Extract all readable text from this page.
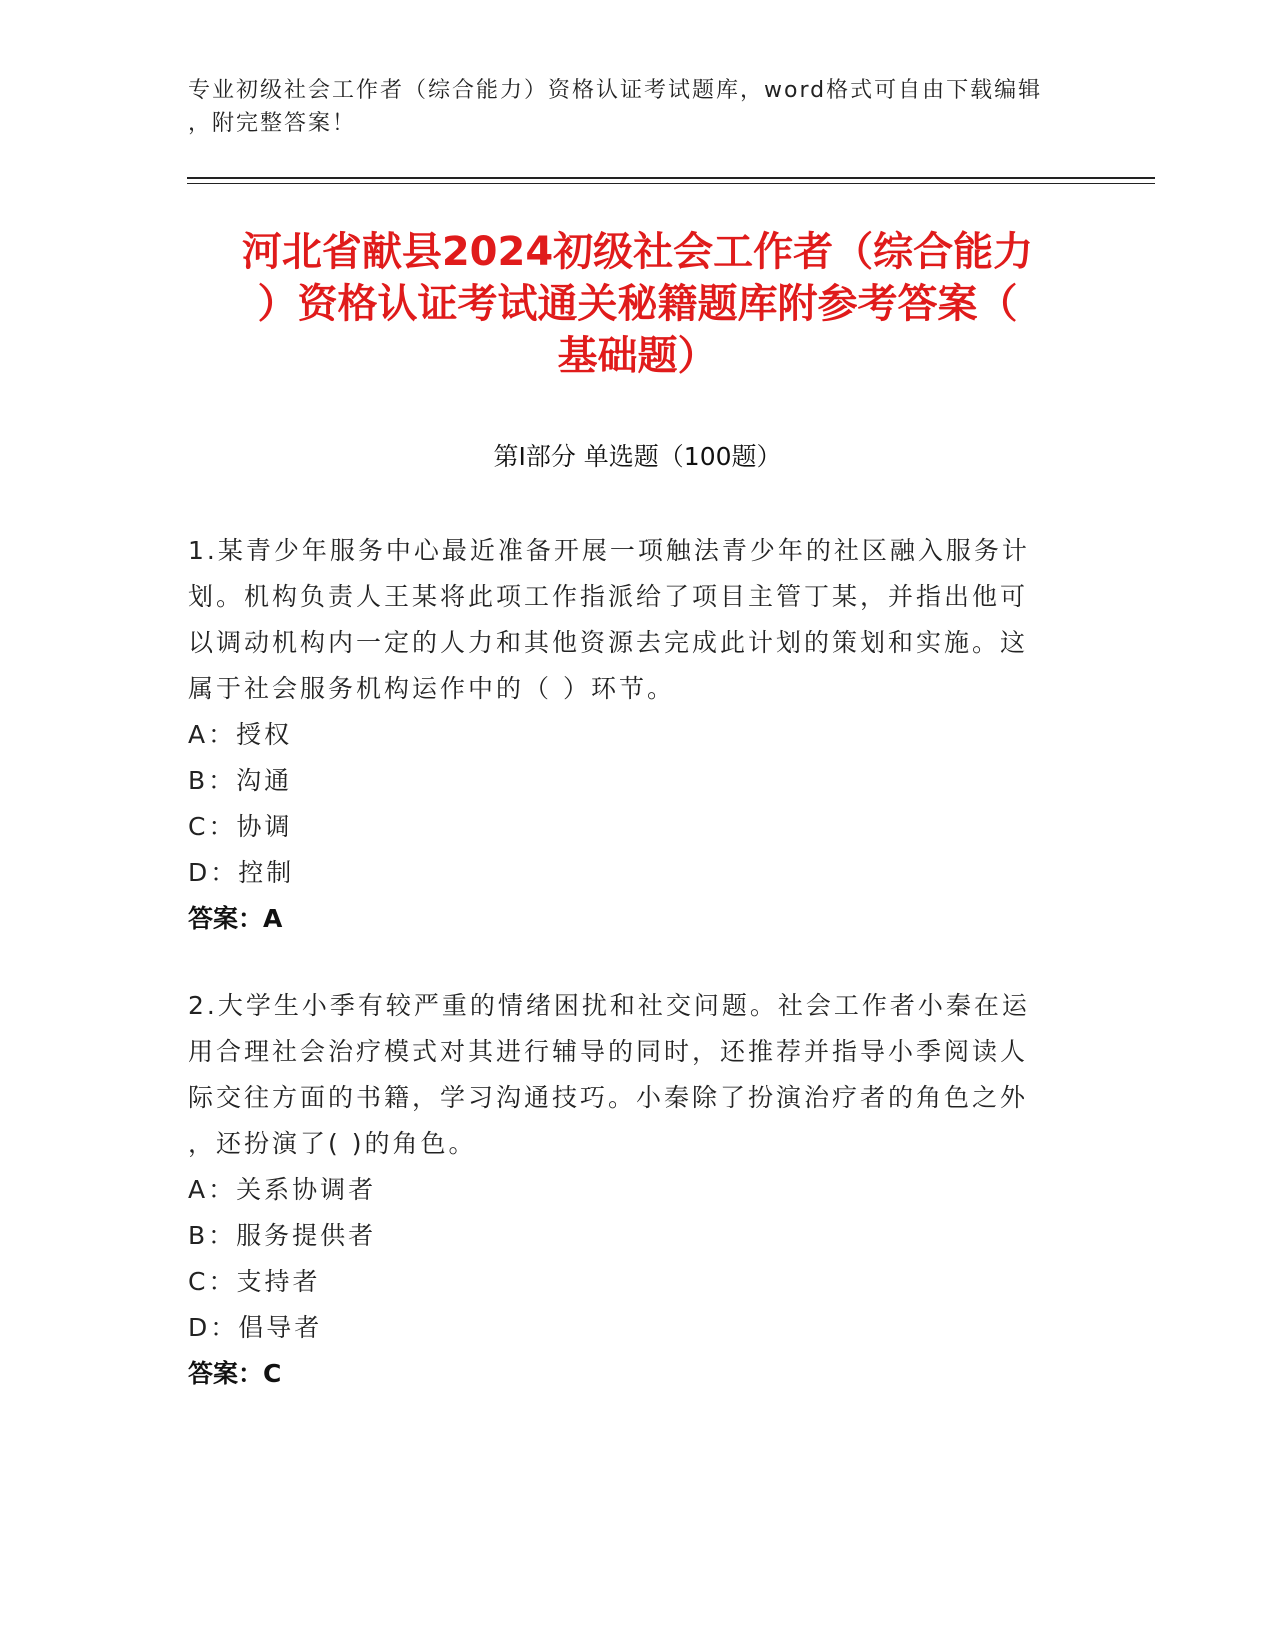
专业初级社会工作者（综合能力）资格认证考试题库，word格式可自由下载编辑
，附完整答案！
河北省献县2024初级社会工作者（综合能力
）资格认证考试通关秘籍题库附参考答案（
基础题）
第Ⅰ部分 单选题（100题）
1.某青少年服务中心最近准备开展一项触法青少年的社区融入服务计
划。机构负责人王某将此项工作指派给了项目主管丁某，并指出他可
以调动机构内一定的人力和其他资源去完成此计划的策划和实施。这
属于社会服务机构运作中的（ ）环节。
A：授权
B：沟通
C：协调
D：控制
答案：A
2.大学生小季有较严重的情绪困扰和社交问题。社会工作者小秦在运
用合理社会治疗模式对其进行辅导的同时，还推荐并指导小季阅读人
际交往方面的书籍，学习沟通技巧。小秦除了扮演治疗者的角色之外
，还扮演了( )的角色。
A：关系协调者
B：服务提供者
C：支持者
D：倡导者
答案：C
